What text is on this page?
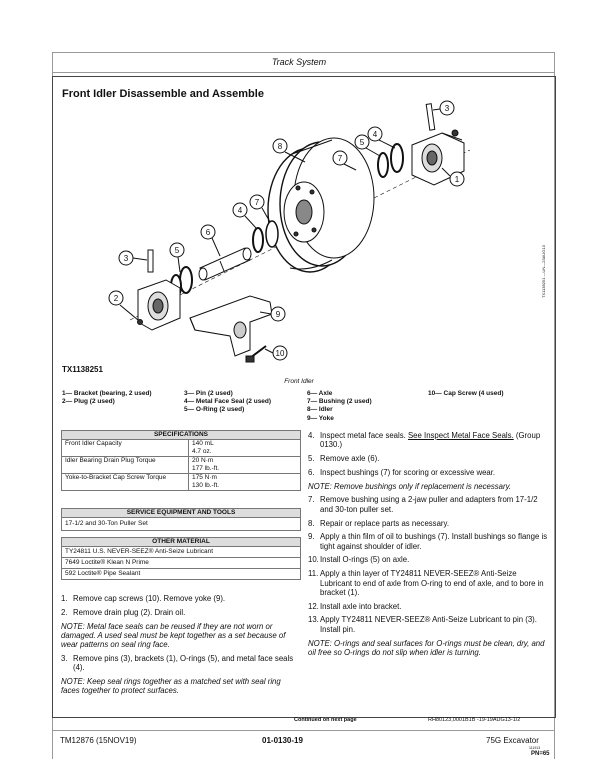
Track System
Front Idler Disassemble and Assemble
3
4
5
8
7
1
7
4
6
5
3
2
9
10
TX1138251
TX1138251 —UN—23AUG13
Front Idler
1— Bracket (bearing, 2 used)
2— Plug (2 used)
3— Pin (2 used)
4— Metal Face Seal (2 used)
5— O-Ring (2 used)
6— Axle
7— Bushing (2 used)
8— Idler
9— Yoke
10— Cap Screw (4 used)
SPECIFICATIONS	
Front Idler Capacity	140 mL
4.7 oz.

Idler Bearing Drain Plug Torque	20 N·m
177 lb.-ft.

Yoke-to-Bracket Cap Screw Torque	175 N·m
130 lb.-ft.
SERVICE EQUIPMENT AND TOOLS
17-1/2 and 30-Ton Puller Set
OTHER MATERIAL
TY24811 U.S. NEVER-SEEZ® Anti-Seize Lubricant
7649 Loctite® Klean N Prime
592 Loctite® Pipe Sealant

1. Remove cap screws (10). Remove yoke (9).

2. Remove drain plug (2). Drain oil.

NOTE: Metal face seals can be reused if they are not worn or damaged. A used seal must be kept together as a set because of wear patterns on seal ring face.

3. Remove pins (3), brackets (1), O-rings (5), and metal face seals (4).

NOTE: Keep seal rings together as a matched set with seal ring faces together to protect surfaces.

4. Inspect metal face seals. See Inspect Metal Face Seals. (Group 0130.)

5. Remove axle (6).

6. Inspect bushings (7) for scoring or excessive wear.

NOTE: Remove bushings only if replacement is necessary.

7. Remove bushing using a 2-jaw puller and adapters from 17-1/2 and 30-ton puller set.

8. Repair or replace parts as necessary.

9. Apply a thin film of oil to bushings (7). Install bushings so flange is tight against shoulder of idler.

10. Install O-rings (5) on axle.

11. Apply a thin layer of TY24811 NEVER-SEEZ® Anti-Seize Lubricant to end of axle from O-ring to end of axle, and to bore in bracket (1).

12. Install axle into bracket.

13. Apply TY24811 NEVER-SEEZ® Anti-Seize Lubricant to pin (3). Install pin.

NOTE: O-rings and seal surfaces for O-rings must be clean, dry, and oil free so O-rings do not slip when idler is turning.

Continued on next page	RH80123,0001B1B -19-19AUG13-1/2
TM12876 (15NOV19)	01-0130-19	75G Excavator
111913
PN=65
